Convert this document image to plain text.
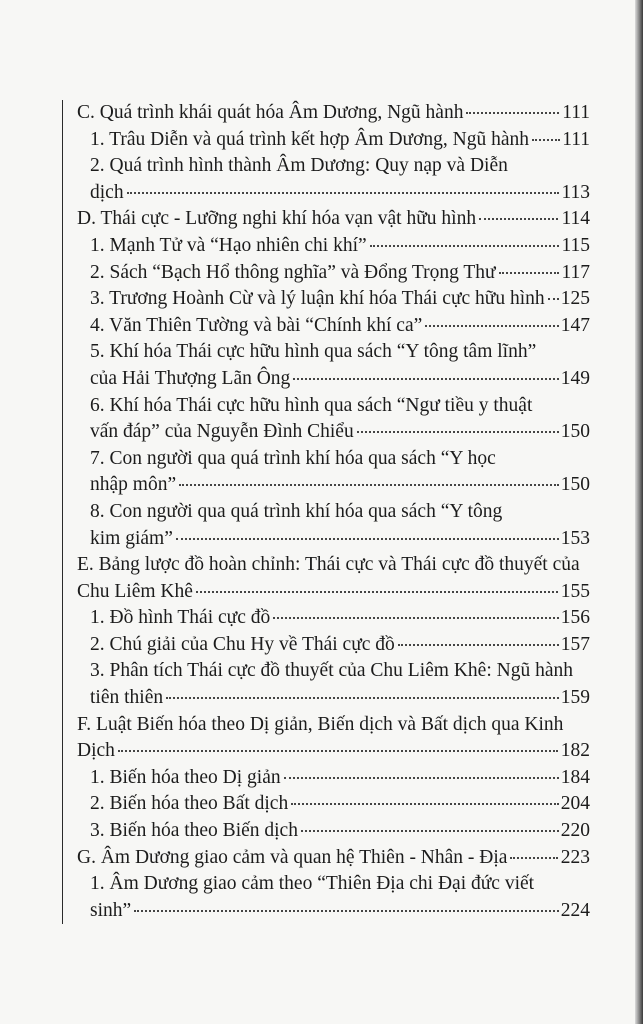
C. Quá trình khái quát hóa Âm Dương, Ngũ hành	111
1. Trâu Diễn và quá trình kết hợp Âm Dương, Ngũ hành 111
2. Quá trình hình thành Âm Dương: Quy nạp và Diễn
dịch	113
D. Thái cực - Lưỡng nghi khí hóa vạn vật hữu hình	114
1. Mạnh Tử và “Hạo nhiên chi khí”	115
2. Sách “Bạch Hổ thông nghĩa” và Đổng Trọng Thư	117
3. Trương Hoành Cừ và lý luận khí hóa Thái cực hữu hình 125
4. Văn Thiên Tường và bài “Chính khí ca”	147
5. Khí hóa Thái cực hữu hình qua sách “Y tông tâm lĩnh”
của Hải Thượng Lãn Ông	149
6. Khí hóa Thái cực hữu hình qua sách “Ngư tiều y thuật
vấn đáp” của Nguyễn Đình Chiểu	150
7. Con người qua quá trình khí hóa qua sách “Y học
nhập môn”	150
8. Con người qua quá trình khí hóa qua sách “Y tông
kim giám”	153
E. Bảng lược đồ hoàn chỉnh: Thái cực và Thái cực đồ thuyết của
Chu Liêm Khê	155
1. Đồ hình Thái cực đồ	156
2. Chú giải của Chu Hy về Thái cực đồ	157
3. Phân tích Thái cực đồ thuyết của Chu Liêm Khê: Ngũ hành
tiên thiên	159
F. Luật Biến hóa theo Dị giản, Biến dịch và Bất dịch qua Kinh
Dịch	182
1. Biến hóa theo Dị giản	184
2. Biến hóa theo Bất dịch	204
3. Biến hóa theo Biến dịch	220
G. Âm Dương giao cảm và quan hệ Thiên - Nhân - Địa	223
1. Âm Dương giao cảm theo “Thiên Địa chi Đại đức viết
sinh”	224
